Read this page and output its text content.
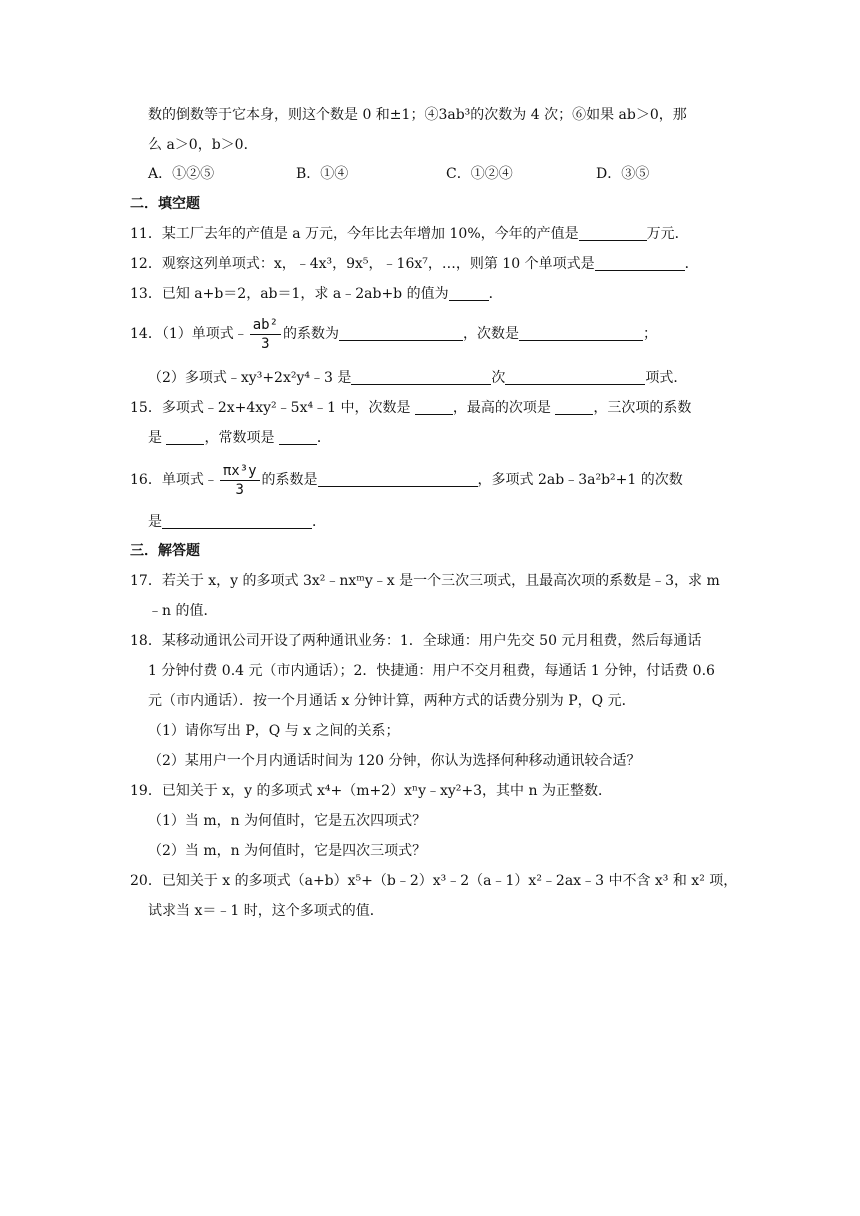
数的倒数等于它本身，则这个数是 0 和±1；④3ab³的次数为 4 次；⑥如果 ab＞0，那
么 a＞0，b＞0．
A．①②⑤	B．①④	C．①②④	D．③⑤
二．填空题
11．某工厂去年的产值是 a 万元，今年比去年增加 10%，今年的产值是	万元．
12．观察这列单项式：x，﹣4x³，9x⁵，﹣16x⁷，…，则第 10 个单项式是	．
13．已知 a+b＝2，ab＝1，求 a﹣2ab+b 的值为	．
14．（1）单项式﹣ $\frac{\text{ab²}}{3}$ 的系数为	，次数是	；
（2）多项式﹣xy³+2x²y⁴﹣3 是	次	项式．
15．多项式﹣2x+4xy²﹣5x⁴﹣1 中，次数是	，最高的次项是	，三次项的系数
是	，常数项是	．
16．单项式﹣ $\frac{\text{πx³y}}{3}$ 的系数是	，多项式 2ab﹣3a²b²+1 的次数
是	．
三．解答题
17．若关于 x，y 的多项式 3x²﹣nxᵐy﹣x 是一个三次三项式，且最高次项的系数是﹣3，求 m
﹣n 的值．
18．某移动通讯公司开设了两种通讯业务：1．全球通：用户先交 50 元月租费，然后每通话
1 分钟付费 0.4 元（市内通话）；2．快捷通：用户不交月租费，每通话 1 分钟，付话费 0.6
元（市内通话）．按一个月通话 x 分钟计算，两种方式的话费分别为 P，Q 元．
（1）请你写出 P，Q 与 x 之间的关系；
（2）某用户一个月内通话时间为 120 分钟，你认为选择何种移动通讯较合适？
19．已知关于 x，y 的多项式 x⁴+（m+2）xⁿy﹣xy²+3，其中 n 为正整数．
（1）当 m，n 为何值时，它是五次四项式？
（2）当 m，n 为何值时，它是四次三项式？
20．已知关于 x 的多项式（a+b）x⁵+（b﹣2）x³﹣2（a﹣1）x²﹣2ax﹣3 中不含 x³ 和 x² 项，
试求当 x＝﹣1 时，这个多项式的值．
